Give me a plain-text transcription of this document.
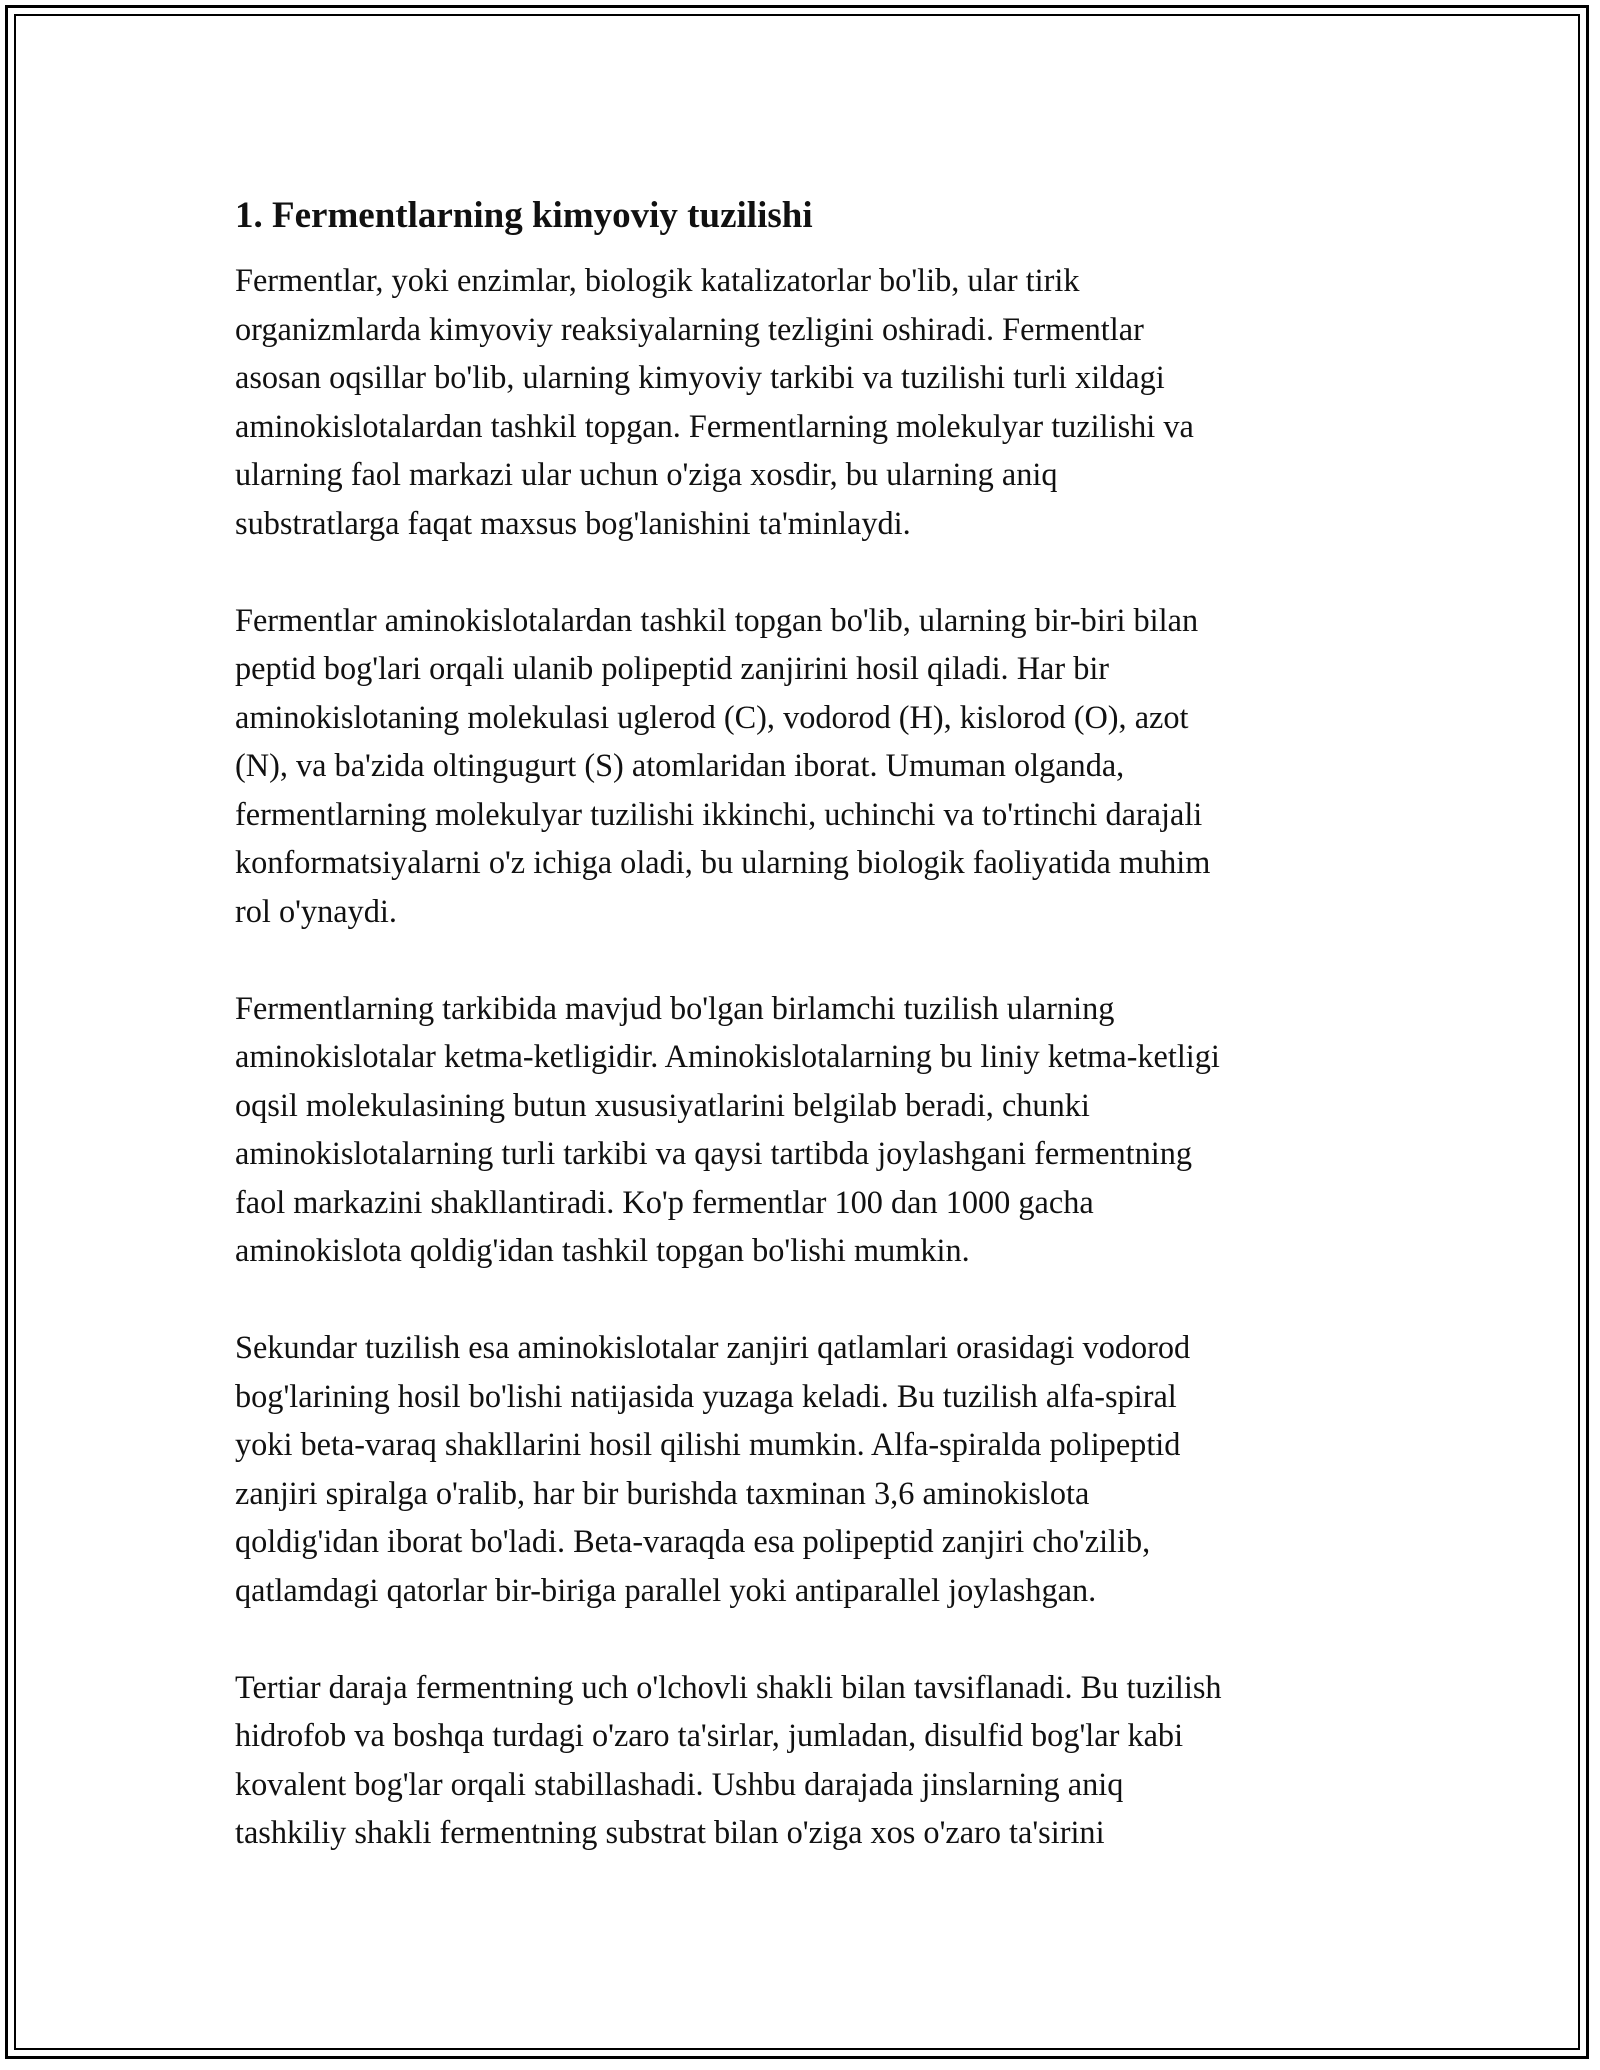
1. Fermentlarning kimyoviy tuzilishi

Fermentlar, yoki enzimlar, biologik katalizatorlar bo'lib, ular tirik
organizmlarda kimyoviy reaksiyalarning tezligini oshiradi. Fermentlar
asosan oqsillar bo'lib, ularning kimyoviy tarkibi va tuzilishi turli xildagi
aminokislotalardan tashkil topgan. Fermentlarning molekulyar tuzilishi va
ularning faol markazi ular uchun o'ziga xosdir, bu ularning aniq
substratlarga faqat maxsus bog'lanishini ta'minlaydi.

Fermentlar aminokislotalardan tashkil topgan bo'lib, ularning bir-biri bilan
peptid bog'lari orqali ulanib polipeptid zanjirini hosil qiladi. Har bir
aminokislotaning molekulasi uglerod (C), vodorod (H), kislorod (O), azot
(N), va ba'zida oltingugurt (S) atomlaridan iborat. Umuman olganda,
fermentlarning molekulyar tuzilishi ikkinchi, uchinchi va to'rtinchi darajali
konformatsiyalarni o'z ichiga oladi, bu ularning biologik faoliyatida muhim
rol o'ynaydi.

Fermentlarning tarkibida mavjud bo'lgan birlamchi tuzilish ularning
aminokislotalar ketma-ketligidir. Aminokislotalarning bu liniy ketma-ketligi
oqsil molekulasining butun xususiyatlarini belgilab beradi, chunki
aminokislotalarning turli tarkibi va qaysi tartibda joylashgani fermentning
faol markazini shakllantiradi. Ko'p fermentlar 100 dan 1000 gacha
aminokislota qoldig'idan tashkil topgan bo'lishi mumkin.

Sekundar tuzilish esa aminokislotalar zanjiri qatlamlari orasidagi vodorod
bog'larining hosil bo'lishi natijasida yuzaga keladi. Bu tuzilish alfa-spiral
yoki beta-varaq shakllarini hosil qilishi mumkin. Alfa-spiralda polipeptid
zanjiri spiralga o'ralib, har bir burishda taxminan 3,6 aminokislota
qoldig'idan iborat bo'ladi. Beta-varaqda esa polipeptid zanjiri cho'zilib,
qatlamdagi qatorlar bir-biriga parallel yoki antiparallel joylashgan.

Tertiar daraja fermentning uch o'lchovli shakli bilan tavsiflanadi. Bu tuzilish
hidrofob va boshqa turdagi o'zaro ta'sirlar, jumladan, disulfid bog'lar kabi
kovalent bog'lar orqali stabillashadi. Ushbu darajada jinslarning aniq
tashkiliy shakli fermentning substrat bilan o'ziga xos o'zaro ta'sirini
